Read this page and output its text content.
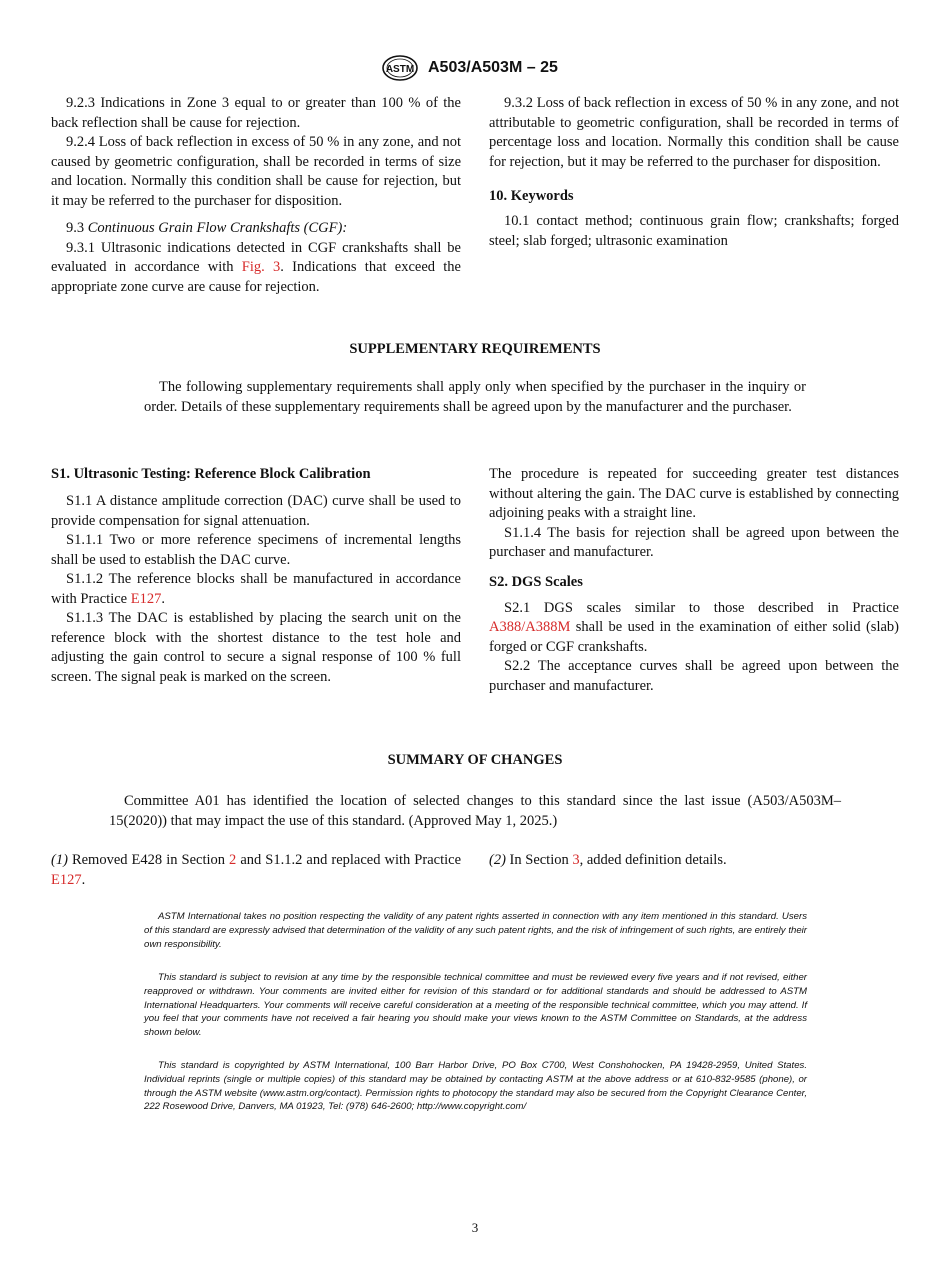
ASTM A503/A503M – 25

9.2.3 Indications in Zone 3 equal to or greater than 100 % of the back reflection shall be cause for rejection.

9.2.4 Loss of back reflection in excess of 50 % in any zone, and not caused by geometric configuration, shall be recorded in terms of size and location. Normally this condition shall be cause for rejection, but it may be referred to the purchaser for disposition.

9.3 Continuous Grain Flow Crankshafts (CGF):

9.3.1 Ultrasonic indications detected in CGF crankshafts shall be evaluated in accordance with Fig. 3. Indications that exceed the appropriate zone curve are cause for rejection.

9.3.2 Loss of back reflection in excess of 50 % in any zone, and not attributable to geometric configuration, shall be recorded in terms of percentage loss and location. Normally this condition shall be cause for rejection, but it may be referred to the purchaser for disposition.

10. Keywords

10.1 contact method; continuous grain flow; crankshafts; forged steel; slab forged; ultrasonic examination

SUPPLEMENTARY REQUIREMENTS

The following supplementary requirements shall apply only when specified by the purchaser in the inquiry or order. Details of these supplementary requirements shall be agreed upon by the manufacturer and the purchaser.

S1. Ultrasonic Testing: Reference Block Calibration

S1.1 A distance amplitude correction (DAC) curve shall be used to provide compensation for signal attenuation.

S1.1.1 Two or more reference specimens of incremental lengths shall be used to establish the DAC curve.

S1.1.2 The reference blocks shall be manufactured in accordance with Practice E127.

S1.1.3 The DAC is established by placing the search unit on the reference block with the shortest distance to the test hole and adjusting the gain control to secure a signal response of 100 % full screen. The signal peak is marked on the screen.

The procedure is repeated for succeeding greater test distances without altering the gain. The DAC curve is established by connecting adjoining peaks with a straight line.

S1.1.4 The basis for rejection shall be agreed upon between the purchaser and manufacturer.

S2. DGS Scales

S2.1 DGS scales similar to those described in Practice A388/A388M shall be used in the examination of either solid (slab) forged or CGF crankshafts.

S2.2 The acceptance curves shall be agreed upon between the purchaser and manufacturer.

SUMMARY OF CHANGES

Committee A01 has identified the location of selected changes to this standard since the last issue (A503/A503M– 15(2020)) that may impact the use of this standard. (Approved May 1, 2025.)

(1) Removed E428 in Section 2 and S1.1.2 and replaced with Practice E127.

(2) In Section 3, added definition details.

ASTM International takes no position respecting the validity of any patent rights asserted in connection with any item mentioned in this standard. Users of this standard are expressly advised that determination of the validity of any such patent rights, and the risk of infringement of such rights, are entirely their own responsibility.

This standard is subject to revision at any time by the responsible technical committee and must be reviewed every five years and if not revised, either reapproved or withdrawn. Your comments are invited either for revision of this standard or for additional standards and should be addressed to ASTM International Headquarters. Your comments will receive careful consideration at a meeting of the responsible technical committee, which you may attend. If you feel that your comments have not received a fair hearing you should make your views known to the ASTM Committee on Standards, at the address shown below.

This standard is copyrighted by ASTM International, 100 Barr Harbor Drive, PO Box C700, West Conshohocken, PA 19428-2959, United States. Individual reprints (single or multiple copies) of this standard may be obtained by contacting ASTM at the above address or at 610-832-9585 (phone), or through the ASTM website (www.astm.org/contact). Permission rights to photocopy the standard may also be secured from the Copyright Clearance Center, 222 Rosewood Drive, Danvers, MA 01923, Tel: (978) 646-2600; http://www.copyright.com/

3
